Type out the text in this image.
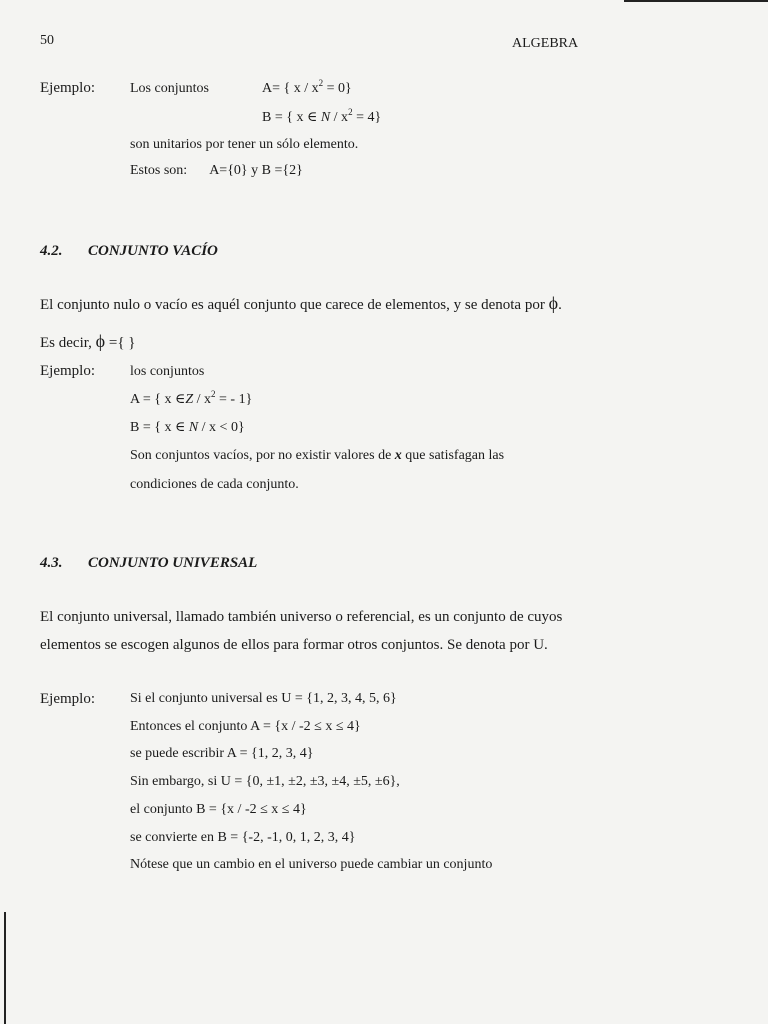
50	ALGEBRA
Ejemplo:	Los conjuntos	A= { $x / x^2 = 0$}
B = { x ∈ $N / x^2 = 4$}
son unitarios por tener un sólo elemento.
Estos son: A={0} y B ={2}
4.2. CONJUNTO VACÍO
El conjunto nulo o vacío es aquél conjunto que carece de elementos, y se denota por ϕ.
Es decir, ϕ ={ }
Ejemplo:	los conjuntos
A = { x ∈Z / $x^2$ = - 1}
B = { x ∈ N / x < 0}
Son conjuntos vacíos, por no existir valores de x que satisfagan las
condiciones de cada conjunto.
4.3. CONJUNTO UNIVERSAL
El conjunto universal, llamado también universo o referencial, es un conjunto de cuyos
elementos se escogen algunos de ellos para formar otros conjuntos. Se denota por U.
Ejemplo:	Si el conjunto universal es U = {1, 2, 3, 4, 5, 6}
Entonces el conjunto A = {x / -2 ≤ x ≤ 4}
se puede escribir A = {1, 2, 3, 4}
Sin embargo, si U = {0, ±1, ±2, ±3, ±4, ±5, ±6},
el conjunto B = {x / -2 ≤ x ≤ 4}
se convierte en B = {-2, -1, 0, 1, 2, 3, 4}
Nótese que un cambio en el universo puede cambiar un conjunto
